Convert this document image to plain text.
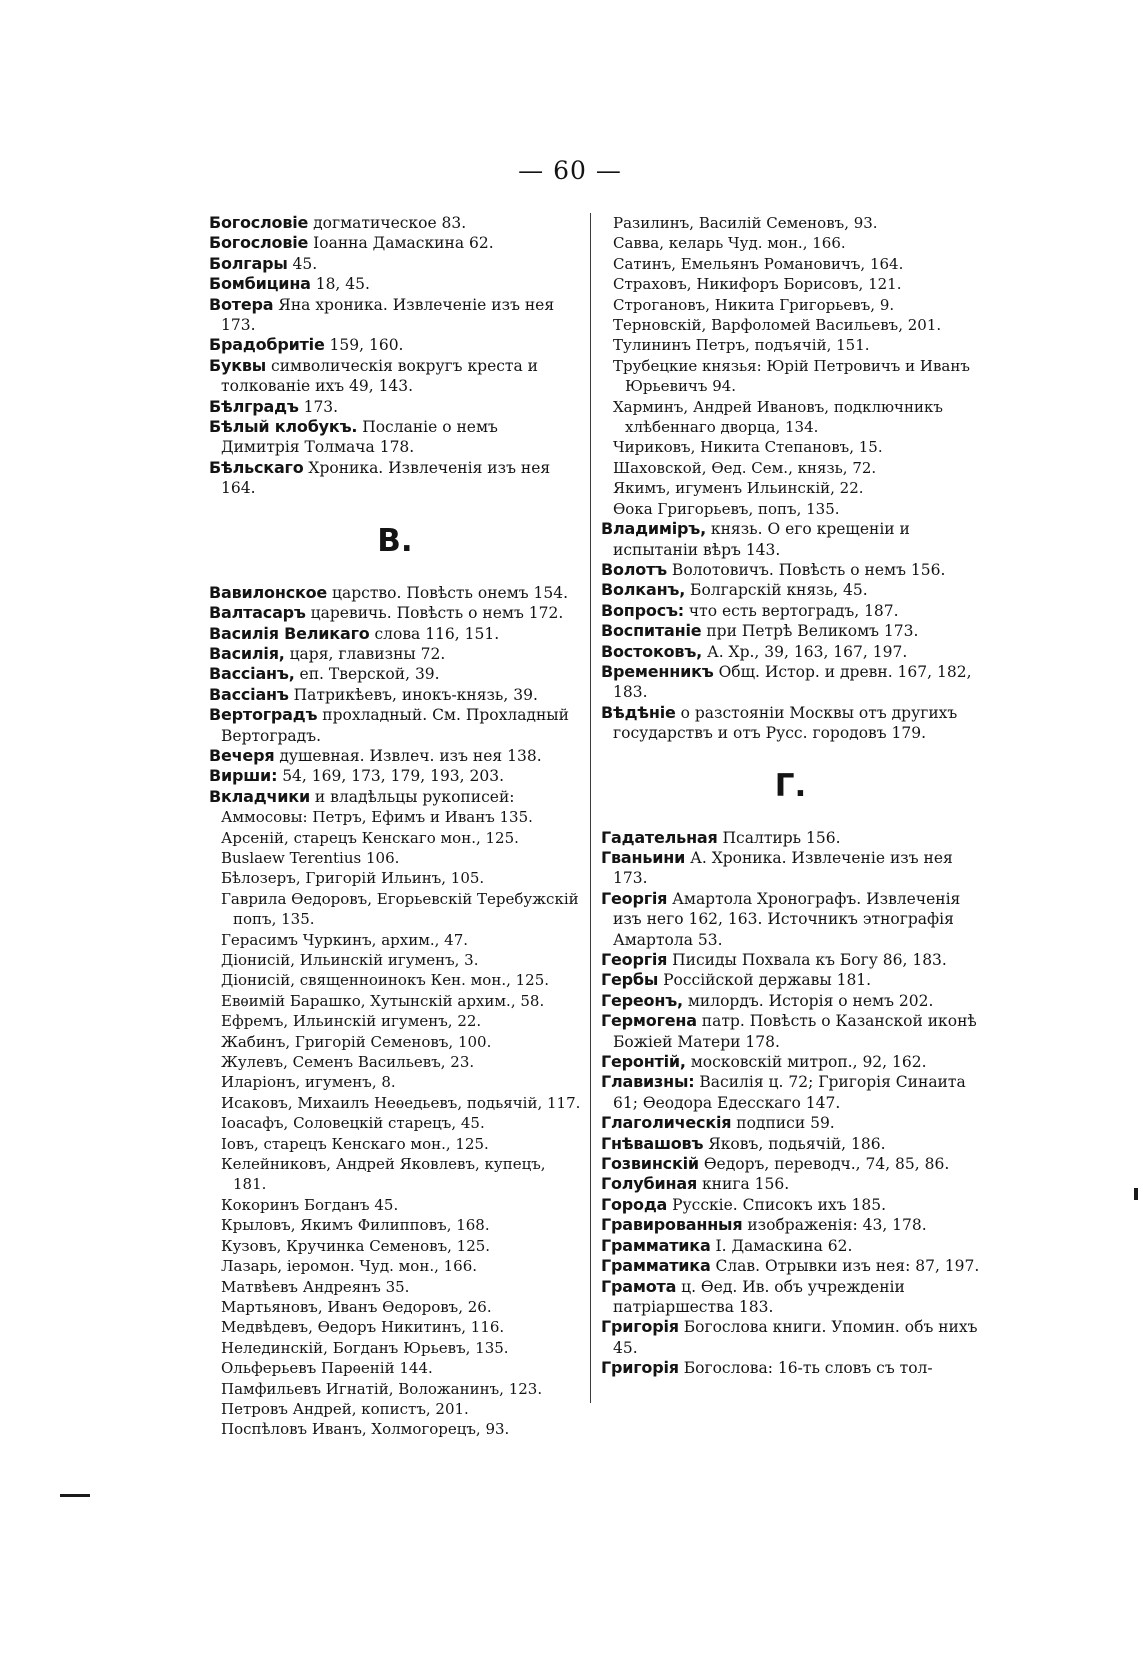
— 60 —
Богословіе догматическое 83.
Богословіе Іоанна Дамаскина 62.
Болгары 45.
Бомбицина 18, 45.
Вотера Яна хроника. Извлеченіе изъ нея 173.
Брадобритіе 159, 160.
Буквы символическія вокругъ креста и толкованіе ихъ 49, 143.
Бѣлградъ 173.
Бѣлый клобукъ. Посланіе о немъ Димитрія Толмача 178.
Бѣльскаго Хроника. Извлеченія изъ нея 164.
В.
Вавилонское царство. Повѣсть онемъ 154.
Валтасаръ царевичь. Повѣсть о немъ 172.
Василія Великаго слова 116, 151.
Василія, царя, главизны 72.
Вассіанъ, еп. Тверской, 39.
Вассіанъ Патрикѣевъ, инокъ-князь, 39.
Вертоградъ прохладный. См. Прохладный Вертоградъ.
Вечеря душевная. Извлеч. изъ нея 138.
Вирши: 54, 169, 173, 179, 193, 203.
Вкладчики и владѣльцы рукописей:
Аммосовы: Петръ, Ефимъ и Иванъ 135.
Арсеній, старецъ Кенскаго мон., 125.
Buslaew Terentius 106.
Бѣлозеръ, Григорій Ильинъ, 105.
Гаврила Ѳедоровъ, Егорьевскій Теребужскій попъ, 135.
Герасимъ Чуркинъ, архим., 47.
Діонисій, Ильинскій игуменъ, 3.
Діонисій, священноинокъ Кен. мон., 125.
Евѳимій Барашко, Хутынскій архим., 58.
Ефремъ, Ильинскій игуменъ, 22.
Жабинъ, Григорій Семеновъ, 100.
Жулевъ, Семенъ Васильевъ, 23.
Иларіонъ, игуменъ, 8.
Исаковъ, Михаилъ Неѳедьевъ, подьячій, 117.
Іоасафъ, Соловецкій старецъ, 45.
Іовъ, старецъ Кенскаго мон., 125.
Келейниковъ, Андрей Яковлевъ, купецъ, 181.
Кокоринъ Богданъ 45.
Крыловъ, Якимъ Филипповъ, 168.
Кузовъ, Кручинка Семеновъ, 125.
Лазарь, іеромон. Чуд. мон., 166.
Матвѣевъ Андреянъ 35.
Мартьяновъ, Иванъ Ѳедоровъ, 26.
Медвѣдевъ, Ѳедоръ Никитинъ, 116.
Нелединскій, Богданъ Юрьевъ, 135.
Ольферьевъ Парѳеній 144.
Памфильевъ Игнатій, Воложанинъ, 123.
Петровъ Андрей, копистъ, 201.
Поспѣловъ Иванъ, Холмогорецъ, 93.
Разилинъ, Василій Семеновъ, 93.
Савва, келарь Чуд. мон., 166.
Сатинъ, Емельянъ Романовичъ, 164.
Страховъ, Никифоръ Борисовъ, 121.
Строгановъ, Никита Григорьевъ, 9.
Терновскій, Варфоломей Васильевъ, 201.
Тулининъ Петръ, подъячій, 151.
Трубецкие князья: Юрій Петровичъ и Иванъ Юрьевичъ 94.
Харминъ, Андрей Ивановъ, подключникъ хлѣбеннаго дворца, 134.
Чириковъ, Никита Степановъ, 15.
Шаховской, Ѳед. Сем., князь, 72.
Якимъ, игуменъ Ильинскій, 22.
Ѳока Григорьевъ, попъ, 135.
Владиміръ, князь. О его крещеніи и испытаніи вѣръ 143.
Волотъ Волотовичъ. Повѣсть о немъ 156.
Волканъ, Болгарскій князь, 45.
Вопросъ: что есть вертоградъ, 187.
Воспитаніе при Петрѣ Великомъ 173.
Востоковъ, А. Хр., 39, 163, 167, 197.
Временникъ Общ. Истор. и древн. 167, 182, 183.
Вѣдѣніе о разстояніи Москвы отъ другихъ государствъ и отъ Русс. городовъ 179.
Г.
Гадательная Псалтирь 156.
Гваньини А. Хроника. Извлеченіе изъ нея 173.
Георгія Амартола Хронографъ. Извлеченія изъ него 162, 163. Источникъ этнографія Амартола 53.
Георгія Писиды Похвала къ Богу 86, 183.
Гербы Россійской державы 181.
Гереонъ, милордъ. Исторія о немъ 202.
Гермогена патр. Повѣсть о Казанской иконѣ Божіей Матери 178.
Геронтій, московскій митроп., 92, 162.
Главизны: Василія ц. 72; Григорія Синаита 61; Ѳеодора Едесскаго 147.
Глаголическія подписи 59.
Гнѣвашовъ Яковъ, подьячій, 186.
Гозвинскій Ѳедоръ, переводч., 74, 85, 86.
Голубиная книга 156.
Города Русскіе. Списокъ ихъ 185.
Гравированныя изображенія: 43, 178.
Грамматика І. Дамаскина 62.
Грамматика Слав. Отрывки изъ нея: 87, 197.
Грамота ц. Ѳед. Ив. объ учрежденіи патріаршества 183.
Григорія Богослова книги. Упомин. объ нихъ 45.
Григорія Богослова: 16-ть словъ съ тол-
